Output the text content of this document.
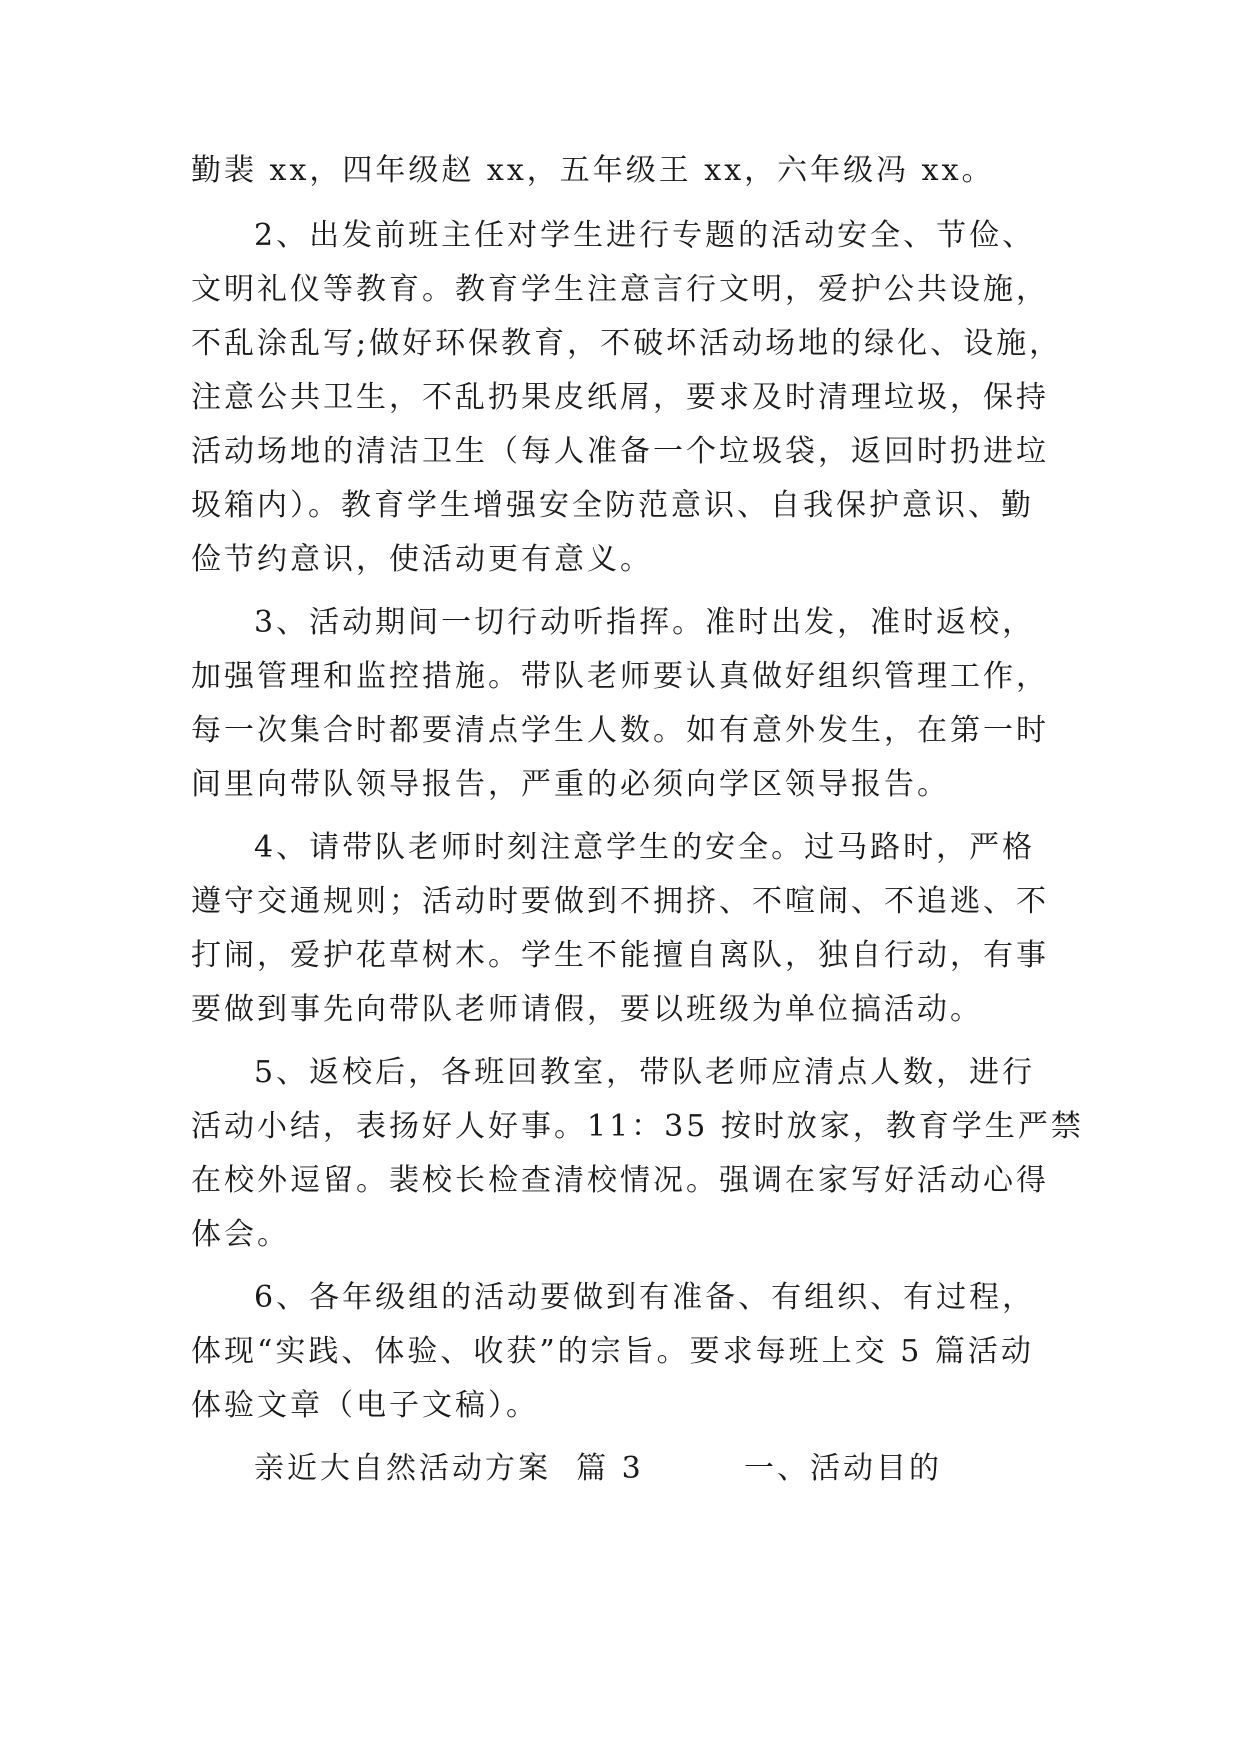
勤裴 xx，四年级赵 xx，五年级王 xx，六年级冯 xx。
2、出发前班主任对学生进行专题的活动安全、节俭、
文明礼仪等教育。教育学生注意言行文明，爱护公共设施，
不乱涂乱写;做好环保教育，不破坏活动场地的绿化、设施，
注意公共卫生，不乱扔果皮纸屑，要求及时清理垃圾，保持
活动场地的清洁卫生（每人准备一个垃圾袋，返回时扔进垃
圾箱内）。教育学生增强安全防范意识、自我保护意识、勤
俭节约意识，使活动更有意义。
3、活动期间一切行动听指挥。准时出发，准时返校，
加强管理和监控措施。带队老师要认真做好组织管理工作，
每一次集合时都要清点学生人数。如有意外发生，在第一时
间里向带队领导报告，严重的必须向学区领导报告。
4、请带队老师时刻注意学生的安全。过马路时，严格
遵守交通规则；活动时要做到不拥挤、不喧闹、不追逃、不
打闹，爱护花草树木。学生不能擅自离队，独自行动，有事
要做到事先向带队老师请假，要以班级为单位搞活动。
5、返校后，各班回教室，带队老师应清点人数，进行
活动小结，表扬好人好事。11：35 按时放家，教育学生严禁
在校外逗留。裴校长检查清校情况。强调在家写好活动心得
体会。
6、各年级组的活动要做到有准备、有组织、有过程，
体现“实践、体验、收获”的宗旨。要求每班上交 5 篇活动
体验文章（电子文稿）。
亲近大自然活动方案  篇 3        一、活动目的
